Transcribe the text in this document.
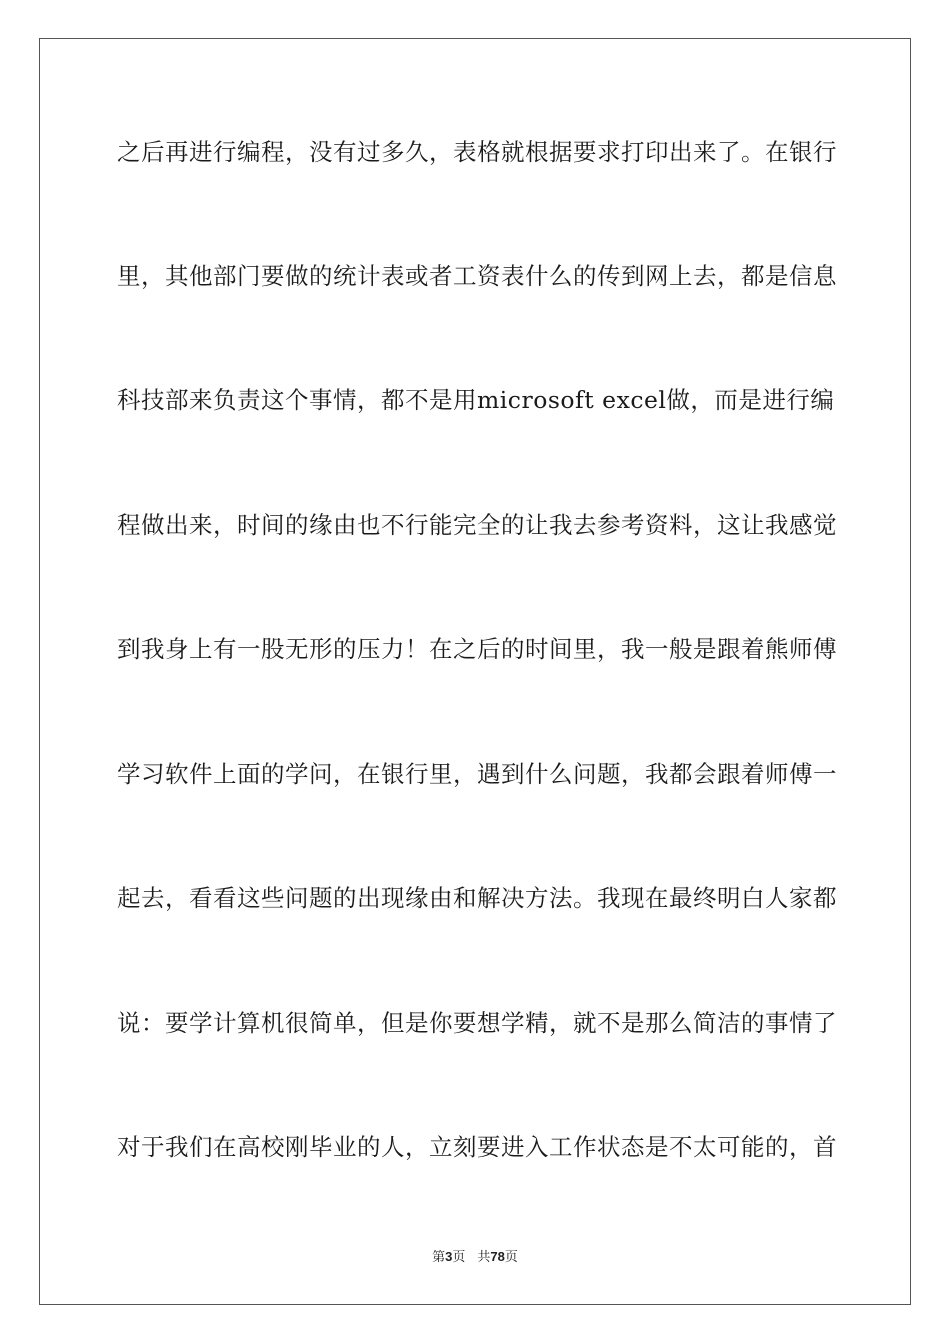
之后再进行编程，没有过多久，表格就根据要求打印出来了。在银行
里，其他部门要做的统计表或者工资表什么的传到网上去，都是信息
科技部来负责这个事情，都不是用microsoft excel做，而是进行编
程做出来，时间的缘由也不行能完全的让我去参考资料，这让我感觉
到我身上有一股无形的压力！在之后的时间里，我一般是跟着熊师傅
学习软件上面的学问，在银行里，遇到什么问题，我都会跟着师傅一
起去，看看这些问题的出现缘由和解决方法。我现在最终明白人家都
说：要学计算机很简单，但是你要想学精，就不是那么简洁的事情了
对于我们在高校刚毕业的人，立刻要进入工作状态是不太可能的，首
第3页 共78页
